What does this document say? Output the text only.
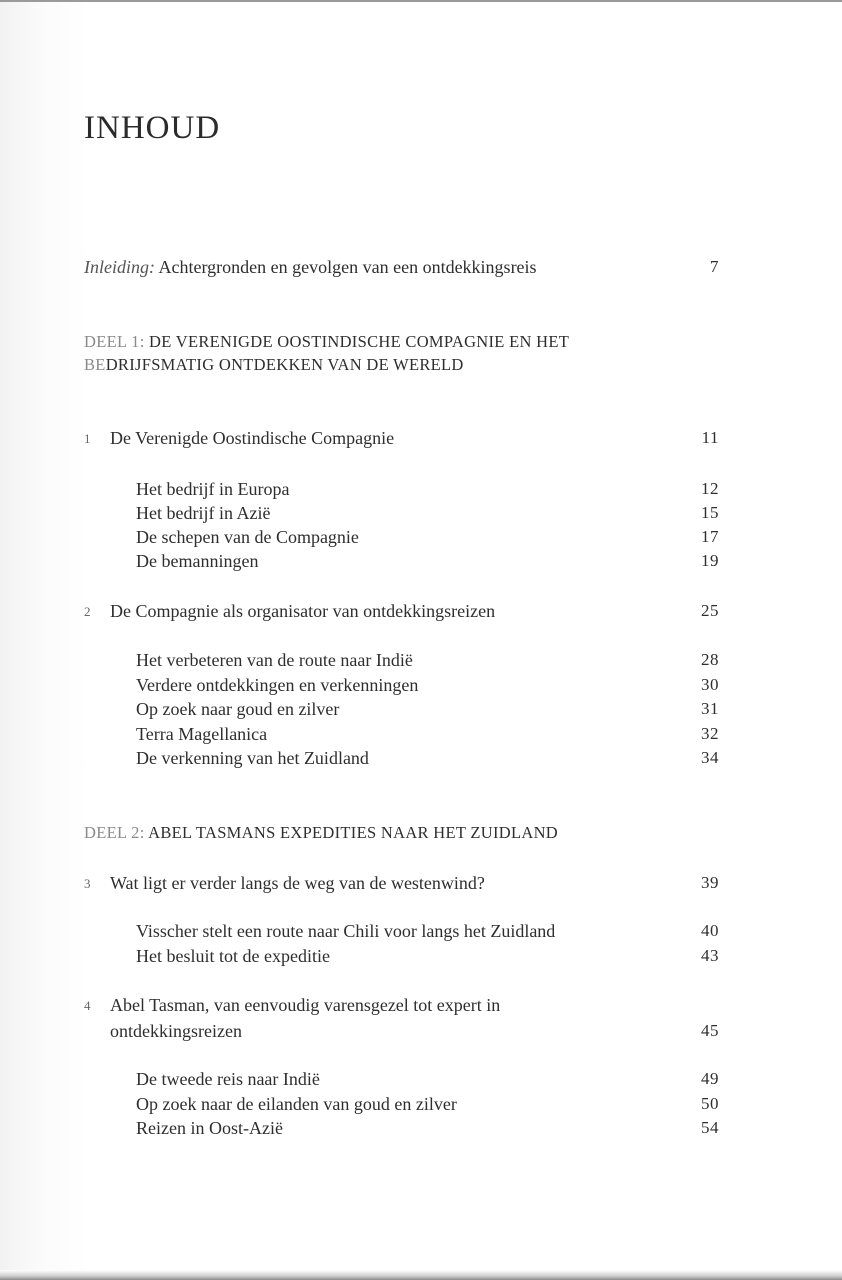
INHOUD
Inleiding: Achtergronden en gevolgen van een ontdekkingsreis	7
DEEL 1: DE VERENIGDE OOSTINDISCHE COMPAGNIE EN HET
BEDRIJFSMATIG ONTDEKKEN VAN DE WERELD
1 De Verenigde Oostindische Compagnie	11
Het bedrijf in Europa	12
Het bedrijf in Azië	15
De schepen van de Compagnie	17
De bemanningen	19
2 De Compagnie als organisator van ontdekkingsreizen	25
Het verbeteren van de route naar Indië	28
Verdere ontdekkingen en verkenningen	30
Op zoek naar goud en zilver	31
Terra Magellanica	32
De verkenning van het Zuidland	34
DEEL 2: ABEL TASMANS EXPEDITIES NAAR HET ZUIDLAND
3 Wat ligt er verder langs de weg van de westenwind?	39
Visscher stelt een route naar Chili voor langs het Zuidland	40
Het besluit tot de expeditie	43
4 Abel Tasman, van eenvoudig varensgezel tot expert in
ontdekkingsreizen	45
De tweede reis naar Indië	49
Op zoek naar de eilanden van goud en zilver	50
Reizen in Oost-Azië	54
